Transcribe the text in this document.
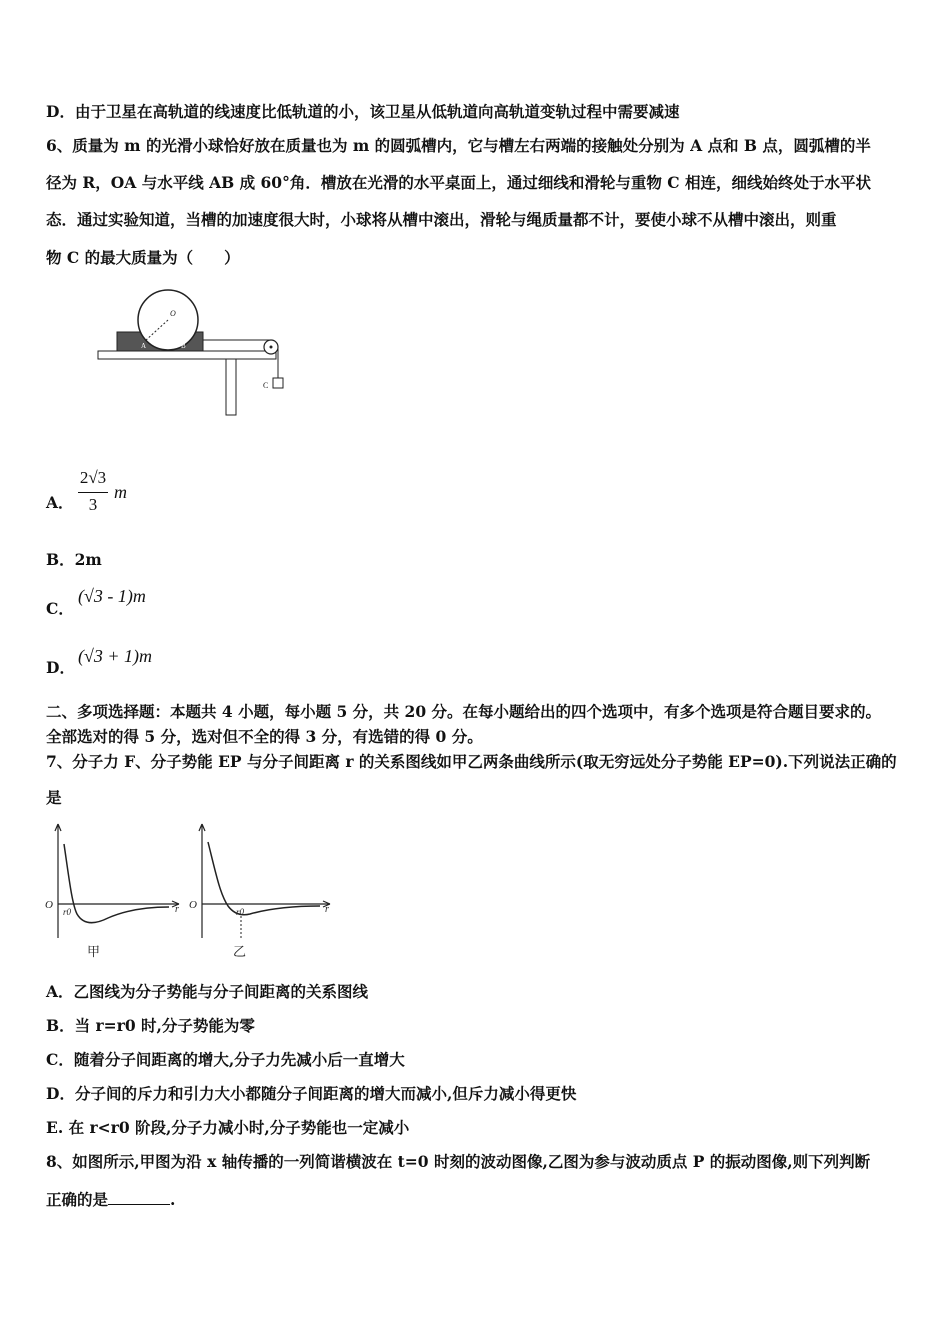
D．由于卫星在高轨道的线速度比低轨道的小，该卫星从低轨道向高轨道变轨过程中需要减速
6、质量为 m 的光滑小球恰好放在质量也为 m 的圆弧槽内，它与槽左右两端的接触处分别为 A 点和 B 点，圆弧槽的半
径为 R，OA 与水平线 AB 成 60°角．槽放在光滑的水平桌面上，通过细线和滑轮与重物 C 相连，细线始终处于水平状
态．通过实验知道，当槽的加速度很大时，小球将从槽中滚出，滑轮与绳质量都不计，要使小球不从槽中滚出，则重
物 C 的最大质量为（　　）
O
A	B
C
A．
2√3
3
m
B．2m
C．
(√3 - 1)m
D．
(√3 + 1)m
二、多项选择题：本题共 4 小题，每小题 5 分，共 20 分。在每小题给出的四个选项中，有多个选项是符合题目要求的。
全部选对的得 5 分，选对但不全的得 3 分，有选错的得 0 分。
7、分子力 F、分子势能 EP 与分子间距离 r 的关系图线如甲乙两条曲线所示(取无穷远处分子势能 EP=0).下列说法正确的
是
O
r0	r
甲
O
r0	r
乙
A．乙图线为分子势能与分子间距离的关系图线
B．当 r=r0 时,分子势能为零
C．随着分子间距离的增大,分子力先减小后一直增大
D．分子间的斥力和引力大小都随分子间距离的增大而减小,但斥力减小得更快
E. 在 r<r0 阶段,分子力减小时,分子势能也一定减小
8、如图所示,甲图为沿 x 轴传播的一列简谐横波在 t=0 时刻的波动图像,乙图为参与波动质点 P 的振动图像,则下列判断
正确的是	.
